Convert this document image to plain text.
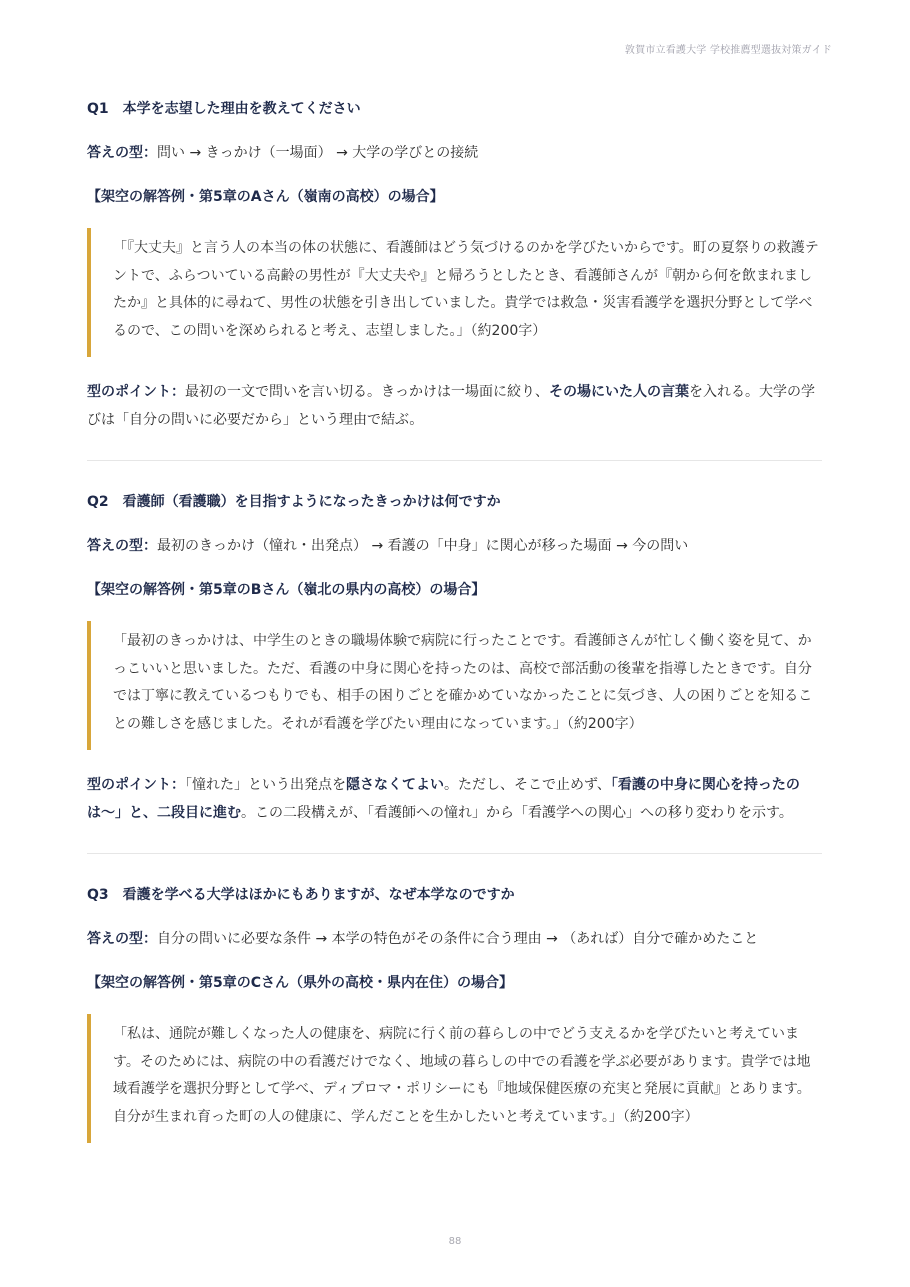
敦賀市立看護大学 学校推薦型選抜対策ガイド
Q1 本学を志望した理由を教えてください
答えの型：問い → きっかけ（一場面） → 大学の学びとの接続
【架空の解答例・第5章のAさん（嶺南の高校）の場合】
「『大丈夫』と言う人の本当の体の状態に、看護師はどう気づけるのかを学びたいからです。町の夏祭りの救護テントで、ふらついている高齢の男性が『大丈夫や』と帰ろうとしたとき、看護師さんが『朝から何を飲まれましたか』と具体的に尋ねて、男性の状態を引き出していました。貴学では救急・災害看護学を選択分野として学べるので、この問いを深められると考え、志望しました。」（約200字）
型のポイント：最初の一文で問いを言い切る。きっかけは一場面に絞り、その場にいた人の言葉を入れる。大学の学びは「自分の問いに必要だから」という理由で結ぶ。
Q2 看護師（看護職）を目指すようになったきっかけは何ですか
答えの型：最初のきっかけ（憧れ・出発点） → 看護の「中身」に関心が移った場面 → 今の問い
【架空の解答例・第5章のBさん（嶺北の県内の高校）の場合】
「最初のきっかけは、中学生のときの職場体験で病院に行ったことです。看護師さんが忙しく働く姿を見て、かっこいいと思いました。ただ、看護の中身に関心を持ったのは、高校で部活動の後輩を指導したときです。自分では丁寧に教えているつもりでも、相手の困りごとを確かめていなかったことに気づき、人の困りごとを知ることの難しさを感じました。それが看護を学びたい理由になっています。」（約200字）
型のポイント：「憧れた」という出発点を隠さなくてよい。ただし、そこで止めず、「看護の中身に関心を持ったのは〜」と、二段目に進む。この二段構えが、「看護師への憧れ」から「看護学への関心」への移り変わりを示す。
Q3 看護を学べる大学はほかにもありますが、なぜ本学なのですか
答えの型：自分の問いに必要な条件 → 本学の特色がその条件に合う理由 → （あれば）自分で確かめたこと
【架空の解答例・第5章のCさん（県外の高校・県内在住）の場合】
「私は、通院が難しくなった人の健康を、病院に行く前の暮らしの中でどう支えるかを学びたいと考えています。そのためには、病院の中の看護だけでなく、地域の暮らしの中での看護を学ぶ必要があります。貴学では地域看護学を選択分野として学べ、ディプロマ・ポリシーにも『地域保健医療の充実と発展に貢献』とあります。自分が生まれ育った町の人の健康に、学んだことを生かしたいと考えています。」（約200字）
88
